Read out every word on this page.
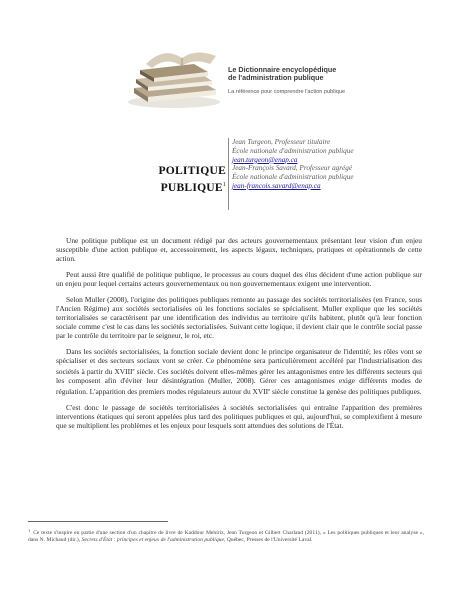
Le Dictionnaire encyclopédique
de l'administration publique
La référence pour comprendre l'action publique
POLITIQUE
PUBLIQUE$^1$
Jean Turgeon, Professeur titulaire
École nationale d'administration publique
jean.turgeon@enap.ca
Jean-François Savard, Professeur agrégé
École nationale d'administration publique
jean-francois.savard@enap.ca

Une politique publique est un document rédigé par des acteurs gouvernementaux présentant leur vision d'un enjeu susceptible d'une action publique et, accessoirement, les aspects légaux, techniques, pratiques et opérationnels de cette action.

Peut aussi être qualifié de politique publique, le processus au cours duquel des élus décident d'une action publique sur un enjeu pour lequel certains acteurs gouvernementaux ou non gouvernementaux exigent une intervention.

Selon Muller (2008), l'origine des politiques publiques remonte au passage des sociétés territorialisées (en France, sous l'Ancien Régime) aux sociétés sectorialisées où les fonctions sociales se spécialisent. Muller explique que les sociétés territorialisées se caractérisent par une identification des individus au territoire qu'ils habitent, plutôt qu'à leur fonction sociale comme c'est le cas dans les sociétés sectorialisées. Suivant cette logique, il devient clair que le contrôle social passe par le contrôle du territoire par le seigneur, le roi, etc.

Dans les sociétés sectorialisées, la fonction sociale devient donc le principe organisateur de l'identité; les rôles vont se spécialiser et des secteurs sociaux vont se créer. Ce phénomène sera particulièrement accéléré par l'industrialisation des sociétés à partir du XVIIIe siècle. Ces sociétés doivent elles-mêmes gérer les antagonismes entre les différents secteurs qui les composent afin d'éviter leur désintégration (Muller, 2008). Gérer ces antagonismes exige différents modes de régulation. L'apparition des premiers modes régulateurs autour du XVIIe siècle constitue la genèse des politiques publiques.

C'est donc le passage de sociétés territorialisées à sociétés sectorialisées qui entraîne l'apparition des premières interventions étatiques qui seront appelées plus tard des politiques publiques et qui, aujourd'hui, se complexifient à mesure que se multiplient les problèmes et les enjeux pour lesquels sont attendues des solutions de l'État.

$^1$ Ce texte s'inspire en partie d'une section d'un chapitre de livre de Kaddour Mehiriz, Jean Turgeon et Gilbert Charland (2011), « Les politiques publiques et leur analyse », dans N. Michaud (dir.), Secrets d'État : principes et enjeux de l'administration publique, Québec, Presses de l'Université Laval.
